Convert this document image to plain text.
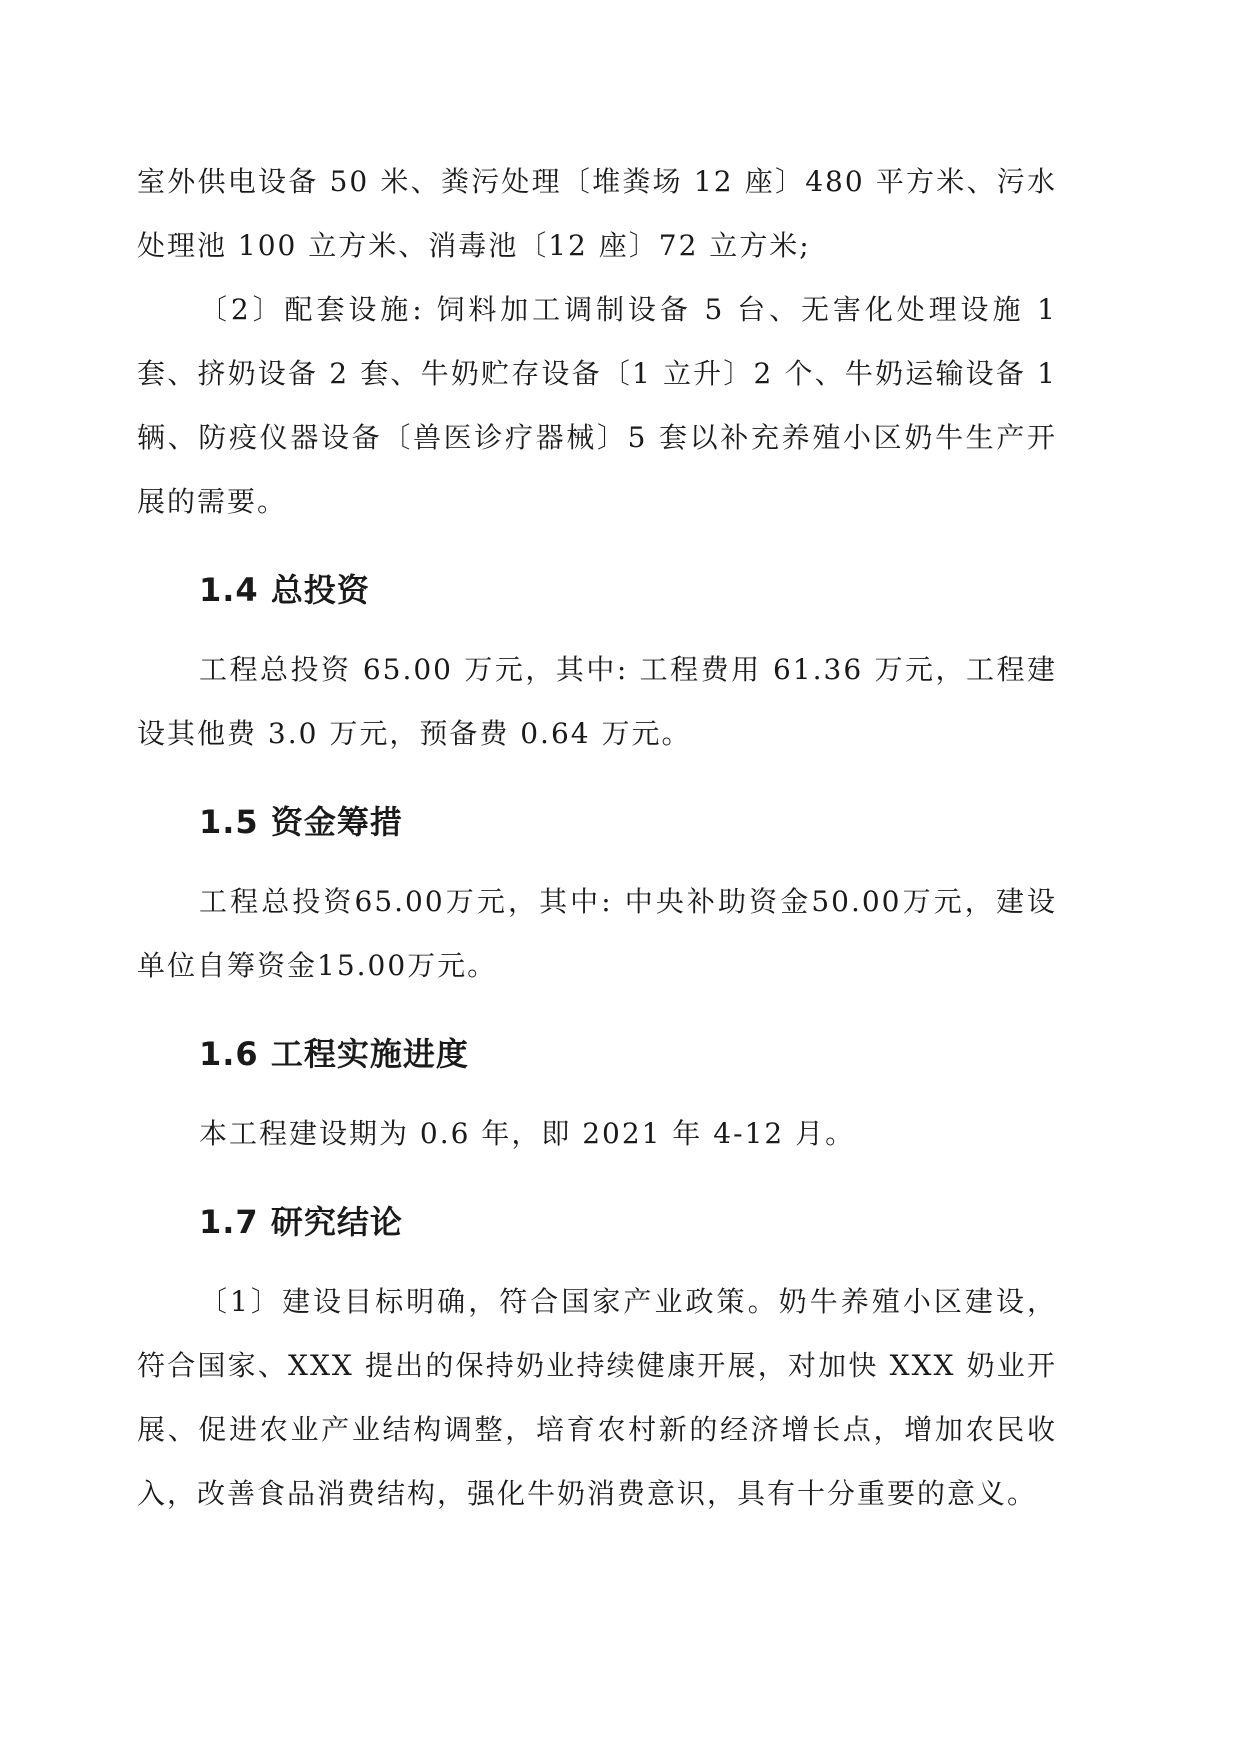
室外供电设备 50 米、粪污处理〔堆粪场 12 座〕480 平方米、污水处理池 100 立方米、消毒池〔12 座〕72 立方米;

〔2〕配套设施: 饲料加工调制设备 5 台、无害化处理设施 1 套、挤奶设备 2 套、牛奶贮存设备〔1 立升〕2 个、牛奶运输设备 1 辆、防疫仪器设备〔兽医诊疗器械〕5 套以补充养殖小区奶牛生产开展的需要。

1.4 总投资

工程总投资 65.00 万元，其中: 工程费用 61.36 万元，工程建设其他费 3.0 万元，预备费 0.64 万元。

1.5 资金筹措

工程总投资65.00万元，其中: 中央补助资金50.00万元，建设单位自筹资金15.00万元。

1.6 工程实施进度

本工程建设期为 0.6 年，即 2021 年 4-12 月。

1.7 研究结论

〔1〕建设目标明确，符合国家产业政策。奶牛养殖小区建设，符合国家、XXX 提出的保持奶业持续健康开展，对加快 XXX 奶业开展、促进农业产业结构调整，培育农村新的经济增长点，增加农民收入，改善食品消费结构，强化牛奶消费意识，具有十分重要的意义。
